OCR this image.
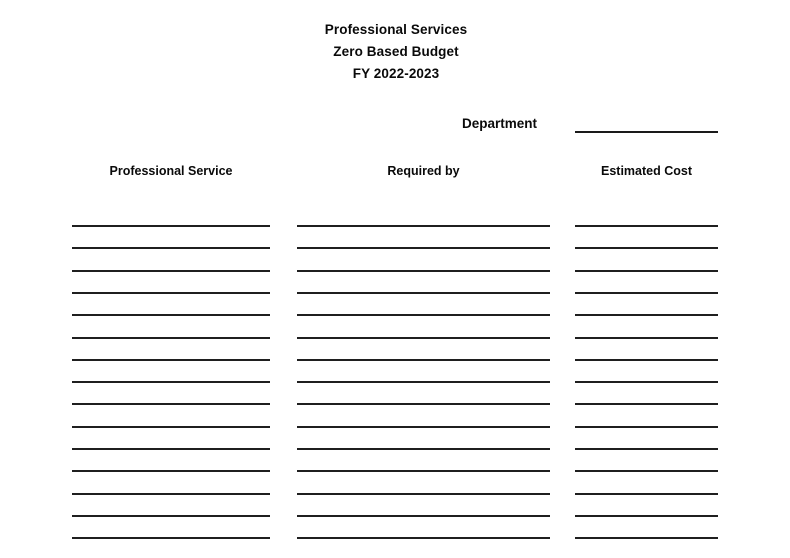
Professional Services
Zero Based Budget
FY 2022-2023
Department
Professional Service	Required by	Estimated Cost
